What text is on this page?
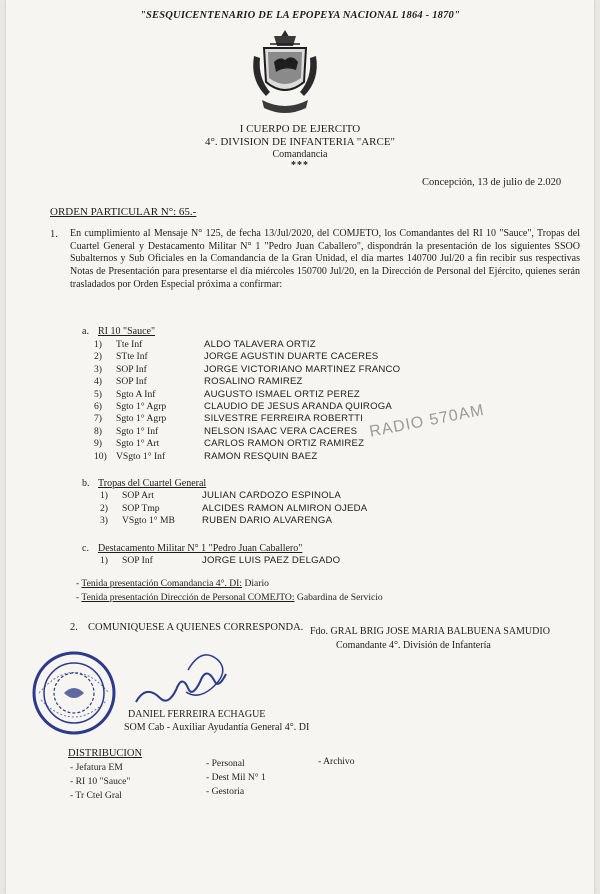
"SESQUICENTENARIO DE LA EPOPEYA NACIONAL 1864 - 1870"
I CUERPO DE EJERCITO
4°. DIVISION DE INFANTERIA "ARCE"
Comandancia
***
Concepción, 13 de julio de 2.020
ORDEN PARTICULAR N°: 65.-
1. En cumplimiento al Mensaje N° 125, de fecha 13/Jul/2020, del COMJETO, los Comandantes del RI 10 "Sauce", Tropas del Cuartel General y Destacamento Militar N° 1 "Pedro Juan Caballero", dispondrán la presentación de los siguientes SSOO Subalternos y Sub Oficiales en la Comandancia de la Gran Unidad, el día martes 140700 Jul/20 a fin recibir sus respectivas Notas de Presentación para presentarse el día miércoles 150700 Jul/20, en la Dirección de Personal del Ejército, quienes serán trasladados por Orden Especial próxima a confirmar:
a. RI 10 "Sauce"
1) Tte Inf	ALDO TALAVERA ORTIZ
2) STte Inf	JORGE AGUSTIN DUARTE CACERES
3) SOP Inf	JORGE VICTORIANO MARTINEZ FRANCO
4) SOP Inf	ROSALINO RAMIREZ
5) Sgto A Inf	AUGUSTO ISMAEL ORTIZ PEREZ
6) Sgto 1° Agrp	CLAUDIO DE JESUS ARANDA QUIROGA
7) Sgto 1° Agrp	SILVESTRE FERREIRA ROBERTTI
8) Sgto 1° Inf	NELSON ISAAC VERA CACERES
9) Sgto 1° Art	CARLOS RAMON ORTIZ RAMIREZ
10) VSgto 1° Inf	RAMON RESQUIN BAEZ
RADIO 570AM
b. Tropas del Cuartel General
1) SOP Art	JULIAN CARDOZO ESPINOLA
2) SOP Tmp	ALCIDES RAMON ALMIRON OJEDA
3) VSgto 1° MB	RUBEN DARIO ALVARENGA
c. Destacamento Militar N° 1 "Pedro Juan Caballero"
1) SOP Inf	JORGE LUIS PAEZ DELGADO
- Tenida presentación Comandancia 4°. DI: Diario
- Tenida presentación Dirección de Personal COMEJTO: Gabardina de Servicio
2. COMUNIQUESE A QUIENES CORRESPONDA. Fdo. GRAL BRIG JOSE MARIA BALBUENA SAMUDIO
Comandante 4°. División de Infantería
DANIEL FERREIRA ECHAGUE
SOM Cab - Auxiliar Ayudantía General 4°. DI
DISTRIBUCION
- Jefatura EM
- RI 10 "Sauce"
- Tr Ctel Gral
- Personal
- Dest Mil N° 1
- Gestoria
- Archivo
